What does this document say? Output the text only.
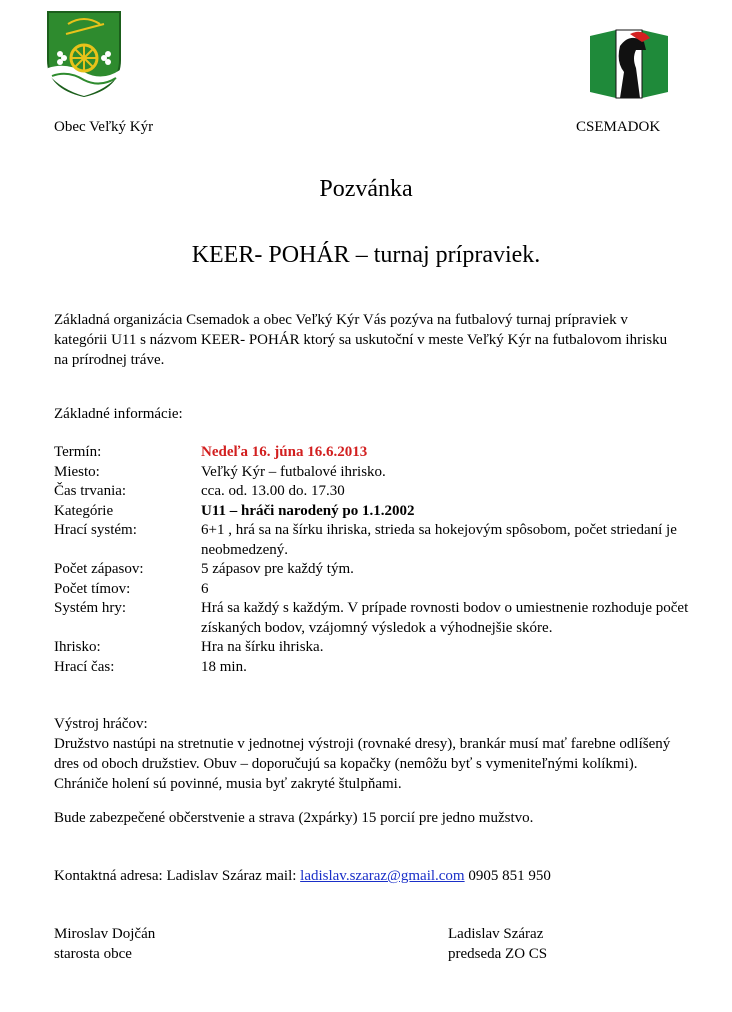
Obec Veľký Kýr	CSEMADOK
Pozvánka
KEER- POHÁR – turnaj prípraviek.
Základná organizácia Csemadok a obec Veľký Kýr Vás pozýva na futbalový turnaj prípraviek v kategórii U11 s názvom KEER- POHÁR ktorý sa uskutoční v meste Veľký Kýr na futbalovom ihrisku na prírodnej tráve.
Základné informácie:
Termín:	Nedeľa 16. júna 16.6.2013
Miesto:	Veľký Kýr – futbalové ihrisko.
Čas trvania:	cca. od. 13.00 do. 17.30
Kategórie	U11 – hráči narodený po 1.1.2002
Hrací systém:	6+1 , hrá sa na šírku ihriska, strieda sa hokejovým spôsobom, počet striedaní je neobmedzený.
Počet zápasov:	5 zápasov pre každý tým.
Počet tímov:	6
Systém hry:	Hrá sa každý s každým. V prípade rovnosti bodov o umiestnenie rozhoduje počet získaných bodov, vzájomný výsledok a výhodnejšie skóre.
Ihrisko:	Hra na šírku ihriska.
Hrací čas:	18 min.
Výstroj hráčov:
Družstvo nastúpi na stretnutie v jednotnej výstroji (rovnaké dresy), brankár musí mať farebne odlíšený dres od oboch družstiev. Obuv – doporučujú sa kopačky (nemôžu byť s vymeniteľnými kolíkmi). Chrániče holení sú povinné, musia byť zakryté štulpňami.
Bude zabezpečené občerstvenie a strava (2xpárky) 15 porcií pre jedno mužstvo.
Kontaktná adresa: Ladislav Száraz mail: ladislav.szaraz@gmail.com 0905 851 950
Miroslav Dojčán
starosta obce
Ladislav Száraz
predseda ZO CS
